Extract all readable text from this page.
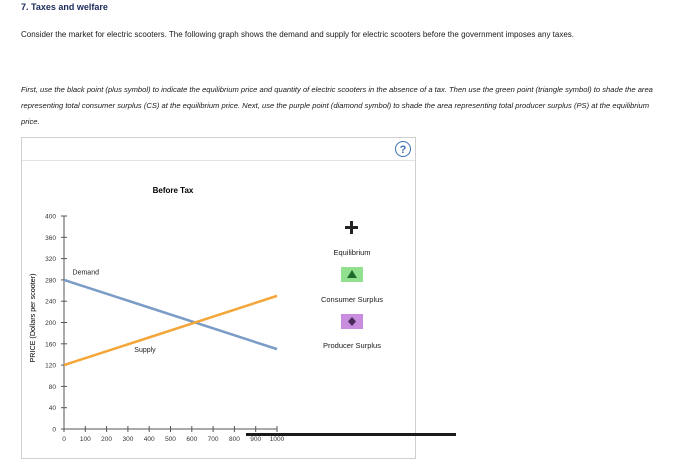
7. Taxes and welfare
Consider the market for electric scooters. The following graph shows the demand and supply for electric scooters before the government imposes any taxes.
First, use the black point (plus symbol) to indicate the equilibrium price and quantity of electric scooters in the absence of a tax. Then use the green point (triangle symbol) to shade the area representing total consumer surplus (CS) at the equilibrium price. Next, use the purple point (diamond symbol) to shade the area representing total producer surplus (PS) at the equilibrium price.
?
Before Tax
PRICE (Dollars per scooter)
0
40
80
120
160
200
240
280
320
360
400
0 100 200 300 400 500 600 700 800 900 1000
Demand
Supply
Equilibrium
Consumer Surplus
Producer Surplus
